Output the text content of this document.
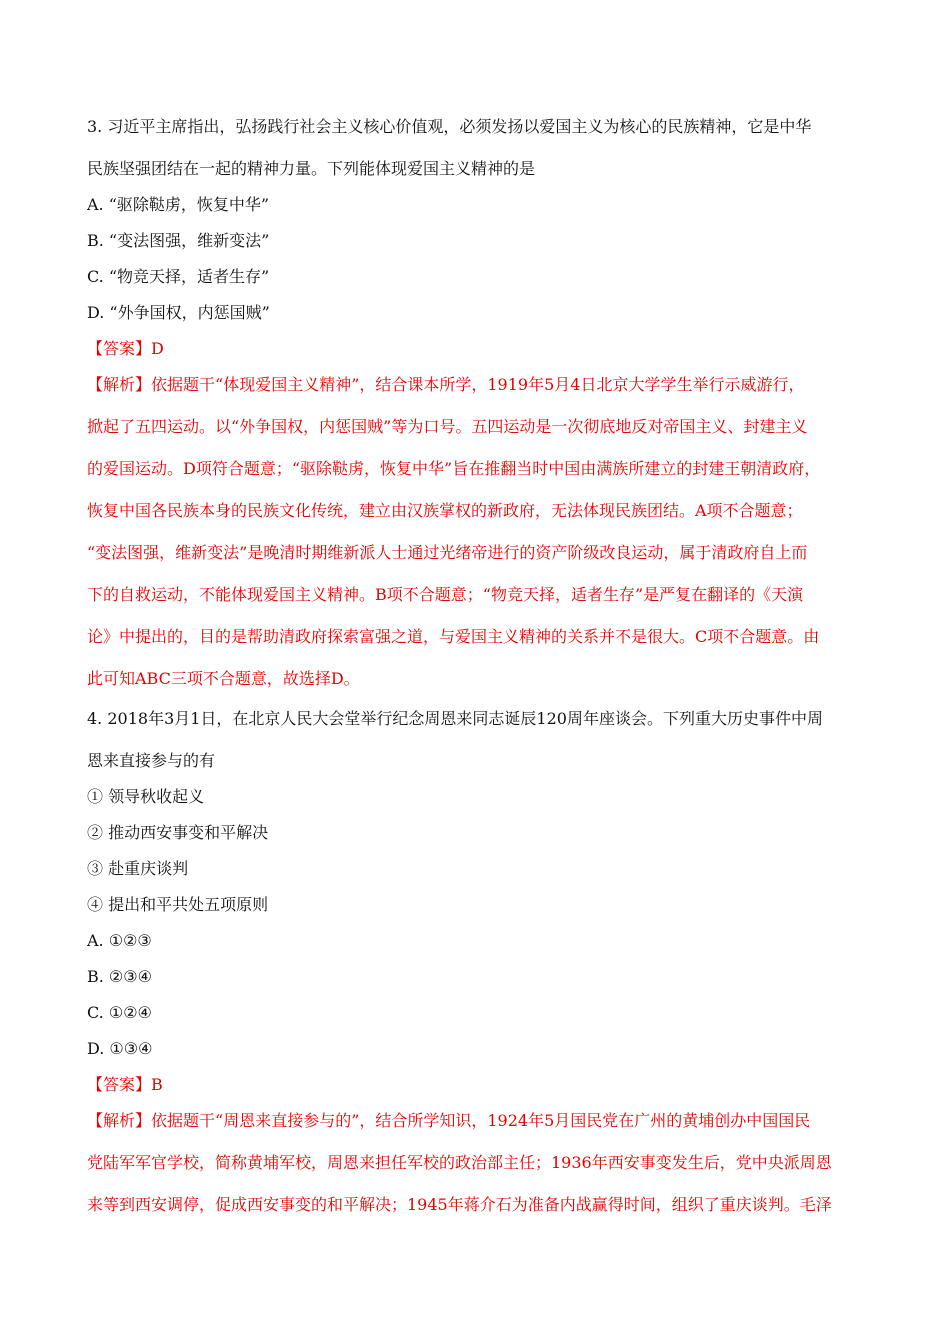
3. 习近平主席指出，弘扬践行社会主义核心价值观，必须发扬以爱国主义为核心的民族精神，它是中华
民族坚强团结在一起的精神力量。下列能体现爱国主义精神的是
A. “驱除鞑虏，恢复中华”
B. “变法图强，维新变法”
C. “物竞天择，适者生存”
D. “外争国权，内惩国贼”
【答案】D
【解析】依据题干“体现爱国主义精神”，结合课本所学，1919年5月4日北京大学学生举行示威游行，
掀起了五四运动。以“外争国权，内惩国贼”等为口号。五四运动是一次彻底地反对帝国主义、封建主义
的爱国运动。D项符合题意；“驱除鞑虏，恢复中华”旨在推翻当时中国由满族所建立的封建王朝清政府，
恢复中国各民族本身的民族文化传统，建立由汉族掌权的新政府，无法体现民族团结。A项不合题意；
“变法图强，维新变法”是晚清时期维新派人士通过光绪帝进行的资产阶级改良运动，属于清政府自上而
下的自救运动，不能体现爱国主义精神。B项不合题意；“物竞天择，适者生存”是严复在翻译的《天演
论》中提出的，目的是帮助清政府探索富强之道，与爱国主义精神的关系并不是很大。C项不合题意。由
此可知ABC三项不合题意，故选择D。
4. 2018年3月1日，在北京人民大会堂举行纪念周恩来同志诞辰120周年座谈会。下列重大历史事件中周
恩来直接参与的有
① 领导秋收起义
② 推动西安事变和平解决
③ 赴重庆谈判
④ 提出和平共处五项原则
A. ①②③
B. ②③④
C. ①②④
D. ①③④
【答案】B
【解析】依据题干“周恩来直接参与的”，结合所学知识，1924年5月国民党在广州的黄埔创办中国国民
党陆军军官学校，简称黄埔军校，周恩来担任军校的政治部主任；1936年西安事变发生后，党中央派周恩
来等到西安调停，促成西安事变的和平解决；1945年蒋介石为准备内战赢得时间，组织了重庆谈判。毛泽
